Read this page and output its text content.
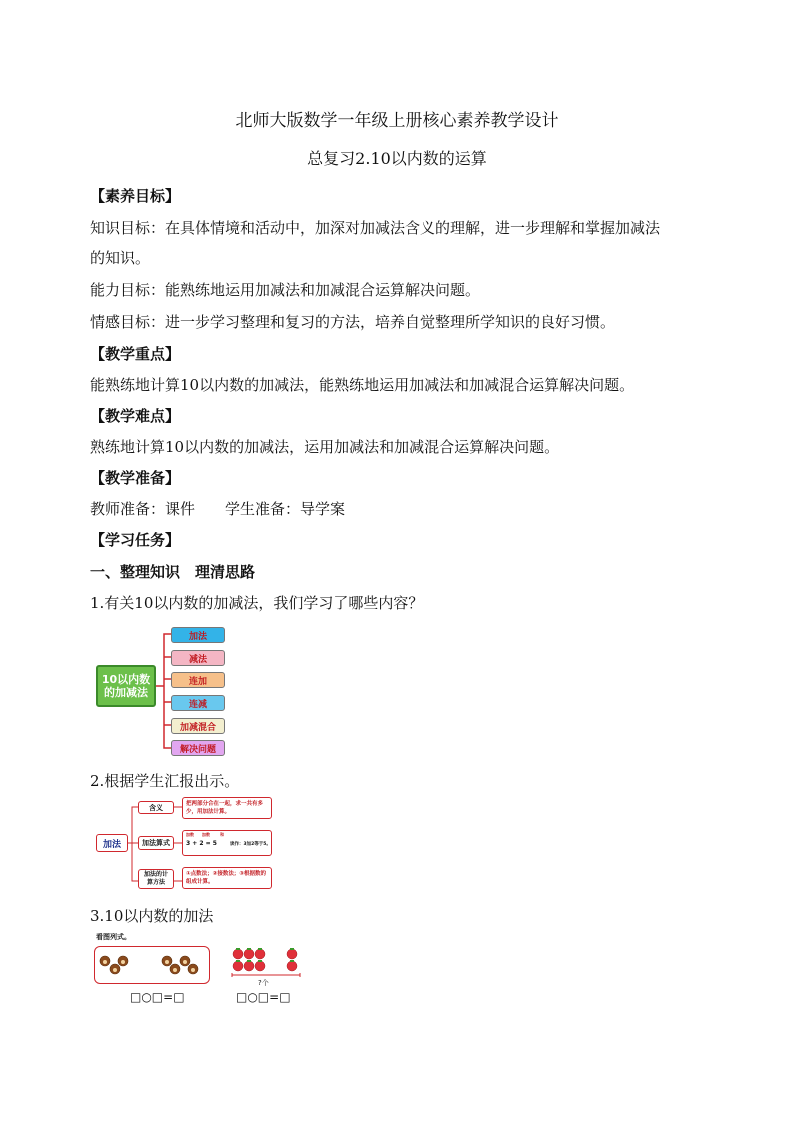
北师大版数学一年级上册核心素养教学设计
总复习2.10以内数的运算
【素养目标】
知识目标：在具体情境和活动中，加深对加减法含义的理解，进一步理解和掌握加减法
的知识。
能力目标：能熟练地运用加减法和加减混合运算解决问题。
情感目标：进一步学习整理和复习的方法，培养自觉整理所学知识的良好习惯。
【教学重点】
能熟练地计算10以内数的加减法，能熟练地运用加减法和加减混合运算解决问题。
【教学难点】
熟练地计算10以内数的加减法，运用加减法和加减混合运算解决问题。
【教学准备】
教师准备：课件　　学生准备：导学案
【学习任务】
一、整理知识　理清思路
1.有关10以内数的加减法，我们学习了哪些内容？
10以内数的加减法
加法
减法
连加
连减
加减混合
解决问题
2.根据学生汇报出示。
加法
含义
加法算式
加法的计算方法
把两部分合在一起，求一共有多少，用加法计算。
加数 加数	和
3 + 2 = 5	读作：3加2等于5。
①点数法；②接数法；③根据数的组成计算。
3.10以内数的加法
看图列式。
□○□=□
?个
□○□=□
